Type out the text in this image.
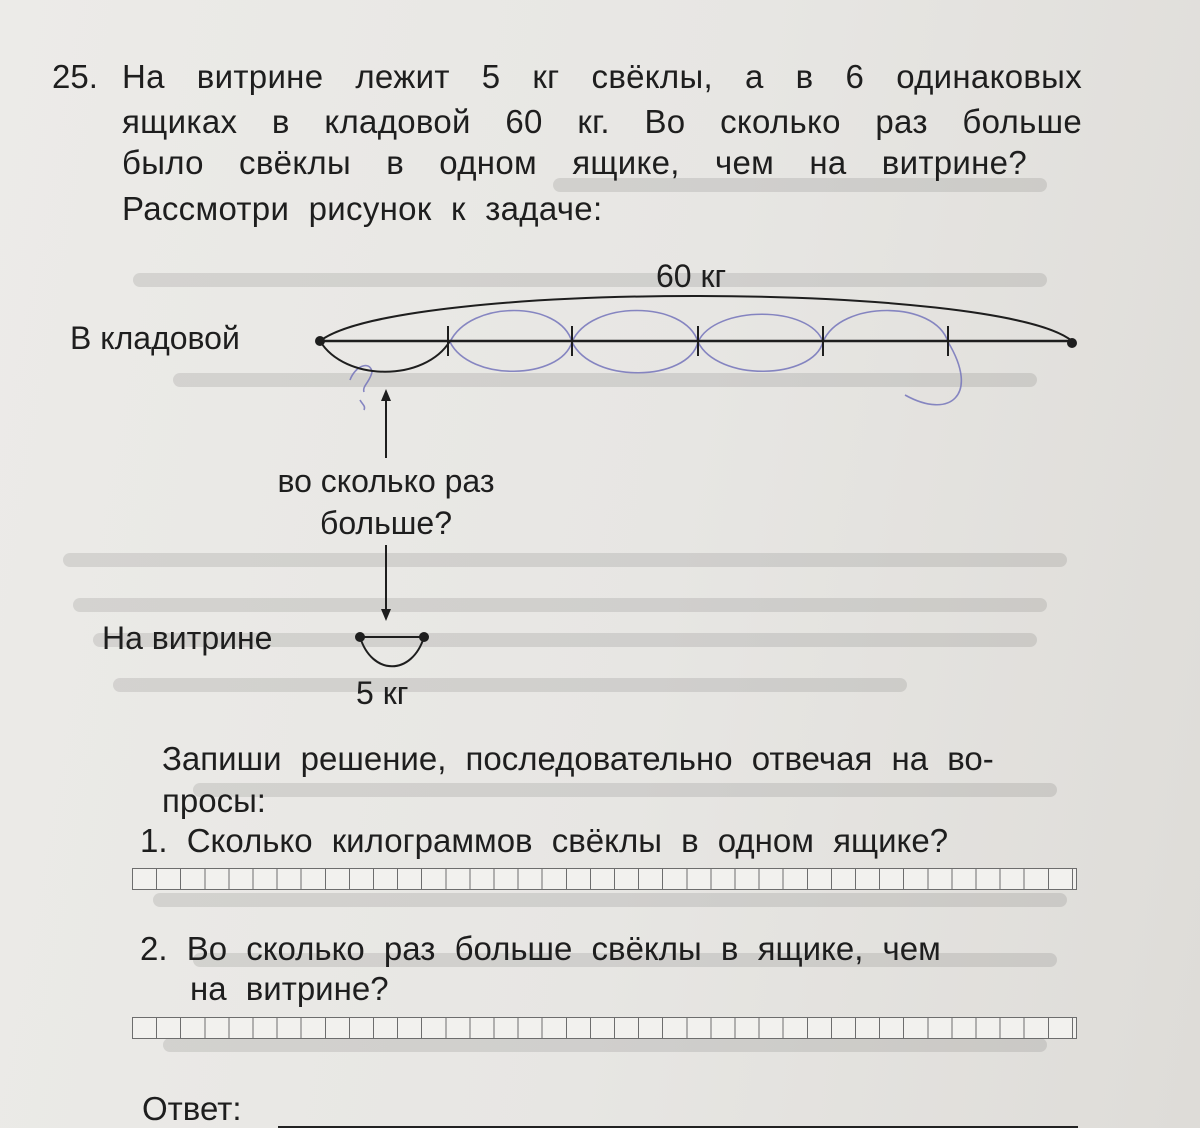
25. На витрине лежит 5 кг свёклы, а в 6 одинаковых
ящиках в кладовой 60 кг. Во сколько раз больше
было свёклы в одном ящике, чем на витрине?
Рассмотри рисунок к задаче:
60 кг
В кладовой
во сколько раз
больше?
На витрине
5 кг
Запиши решение, последовательно отвечая на во-
просы:
1. Сколько килограммов свёклы в одном ящике?
2. Во сколько раз больше свёклы в ящике, чем
на витрине?
Ответ:
